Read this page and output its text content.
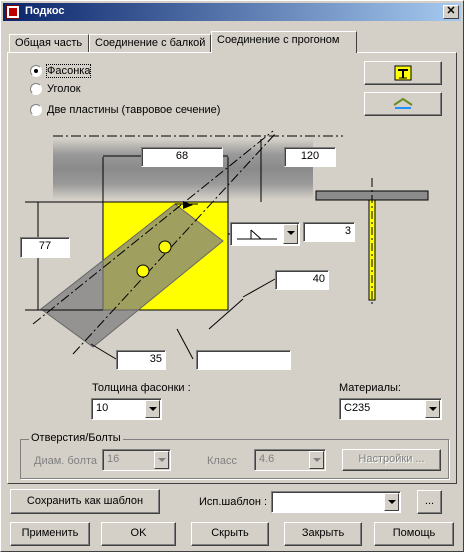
Подкос	✕
Общая часть	Соединение с балкой	Соединение с прогоном
Фасонка
Уголок
Две пластины (тавровое сечение)
68	120
77
3
40
35
Толщина фасонки :
10
Материалы:
C235
Отверстия/Болты
Диам. болта 16	Класс 4.6	Настройки ...
Сохранить как шаблон	Исп.шаблон :	...
Применить	OK	Скрыть	Закрыть	Помощь
